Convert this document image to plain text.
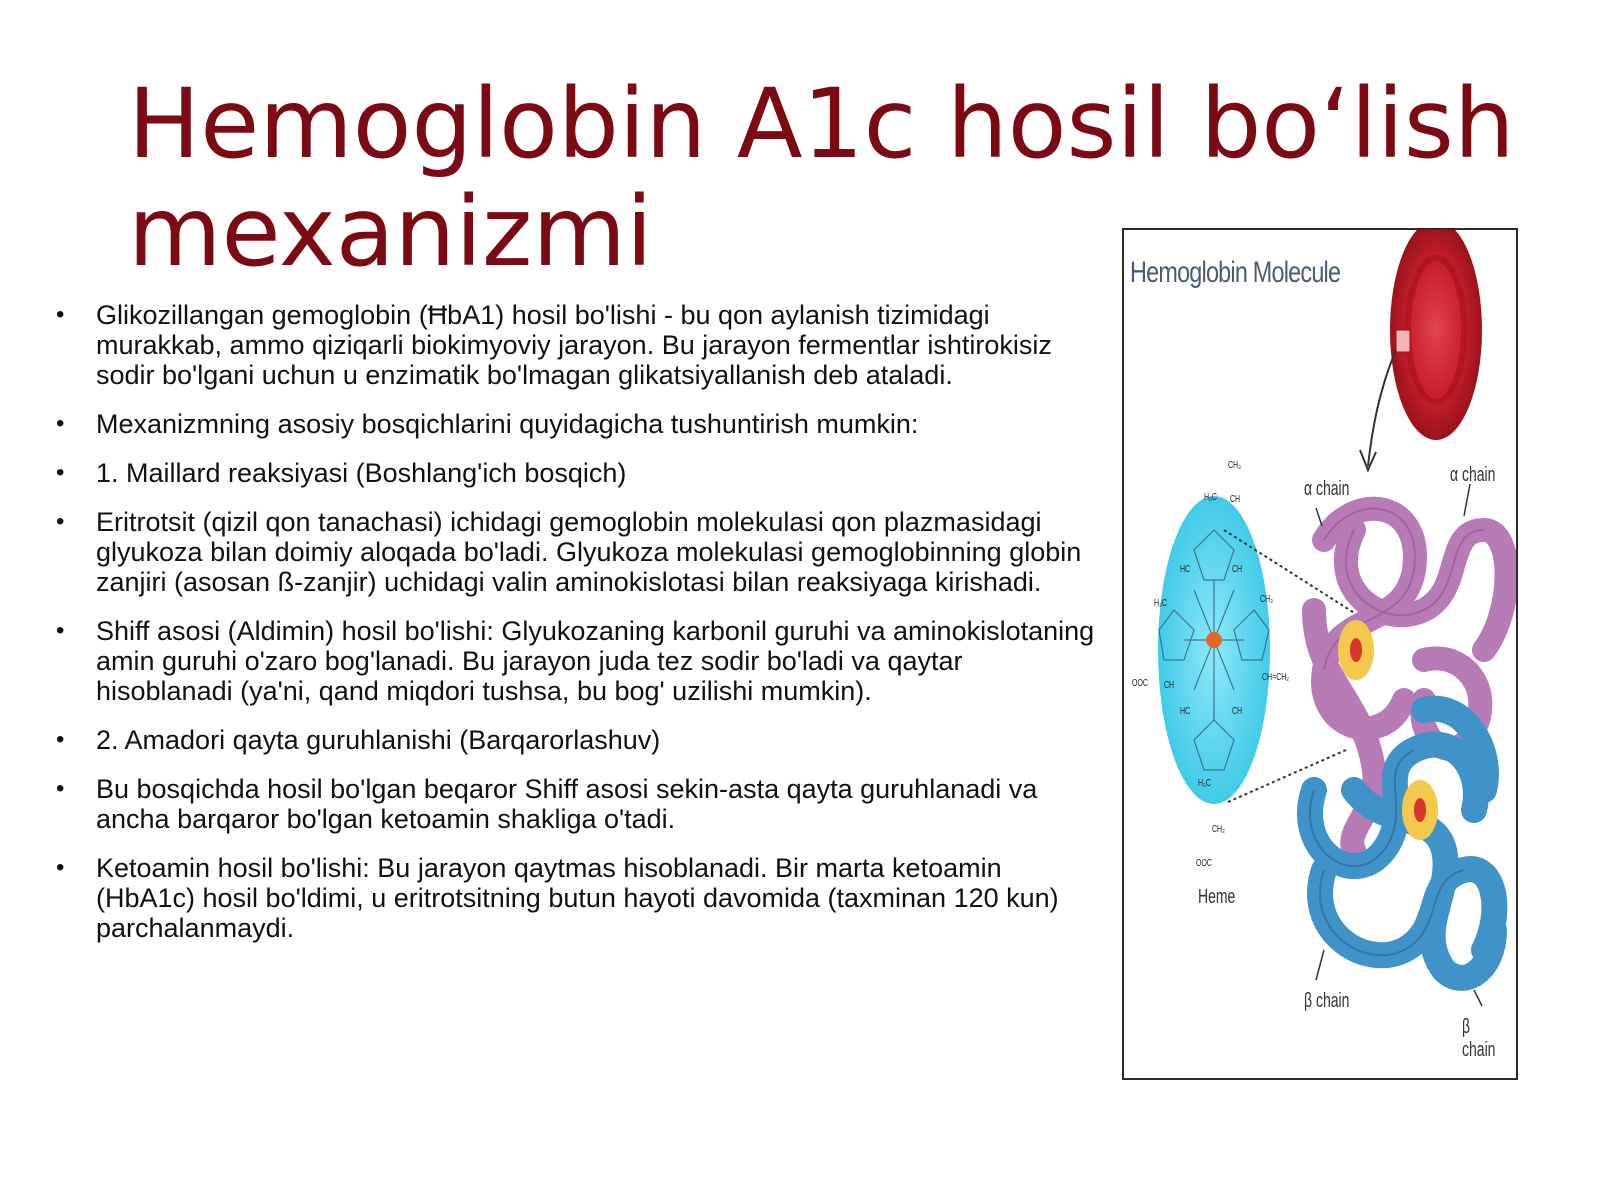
Hemoglobin A1c hosil bo‘lish mexanizmi
• Glikozillangan gemoglobin (ĦbA1) hosil bo'lishi - bu qon aylanish tizimidagi murakkab, ammo qiziqarli biokimyoviy jarayon. Bu jarayon fermentlar ishtirokisiz sodir bo'lgani uchun u enzimatik bo'lmagan glikatsiyallanish deb ataladi.
• Mexanizmning asosiy bosqichlarini quyidagicha tushuntirish mumkin:
• 1. Maillard reaksiyasi (Boshlang'ich bosqich)
• Eritrotsit (qizil qon tanachasi) ichidagi gemoglobin molekulasi qon plazmasidagi glyukoza bilan doimiy aloqada bo'ladi. Glyukoza molekulasi gemoglobinning globin zanjiri (asosan ß-zanjir) uchidagi valin aminokislotasi bilan reaksiyaga kirishadi.
• Shiff asosi (Aldimin) hosil bo'lishi: Glyukozaning karbonil guruhi va aminokislotaning amin guruhi o'zaro bog'lanadi. Bu jarayon juda tez sodir bo'ladi va qaytar hisoblanadi (ya'ni, qand miqdori tushsa, bu bog' uzilishi mumkin).
• 2. Amadori qayta guruhlanishi (Barqarorlashuv)
• Bu bosqichda hosil bo'lgan beqaror Shiff asosi sekin-asta qayta guruhlanadi va ancha barqaror bo'lgan ketoamin shakliga o'tadi.
• Ketoamin hosil bo'lishi: Bu jarayon qaytmas hisoblanadi. Bir marta ketoamin (HbA1c) hosil bo'ldimi, u eritrotsitning butun hayoti davomida (taxminan 120 kun) parchalanmaydi.
Hemoglobin Molecule
α chain
α chain
β chain
β chain
Heme
CH₃
H₃C CH
HC	CH
H₃C	CH₃
CH=CH₂
OOC CH
HC	CH
H₃C
CH₂
OOC
